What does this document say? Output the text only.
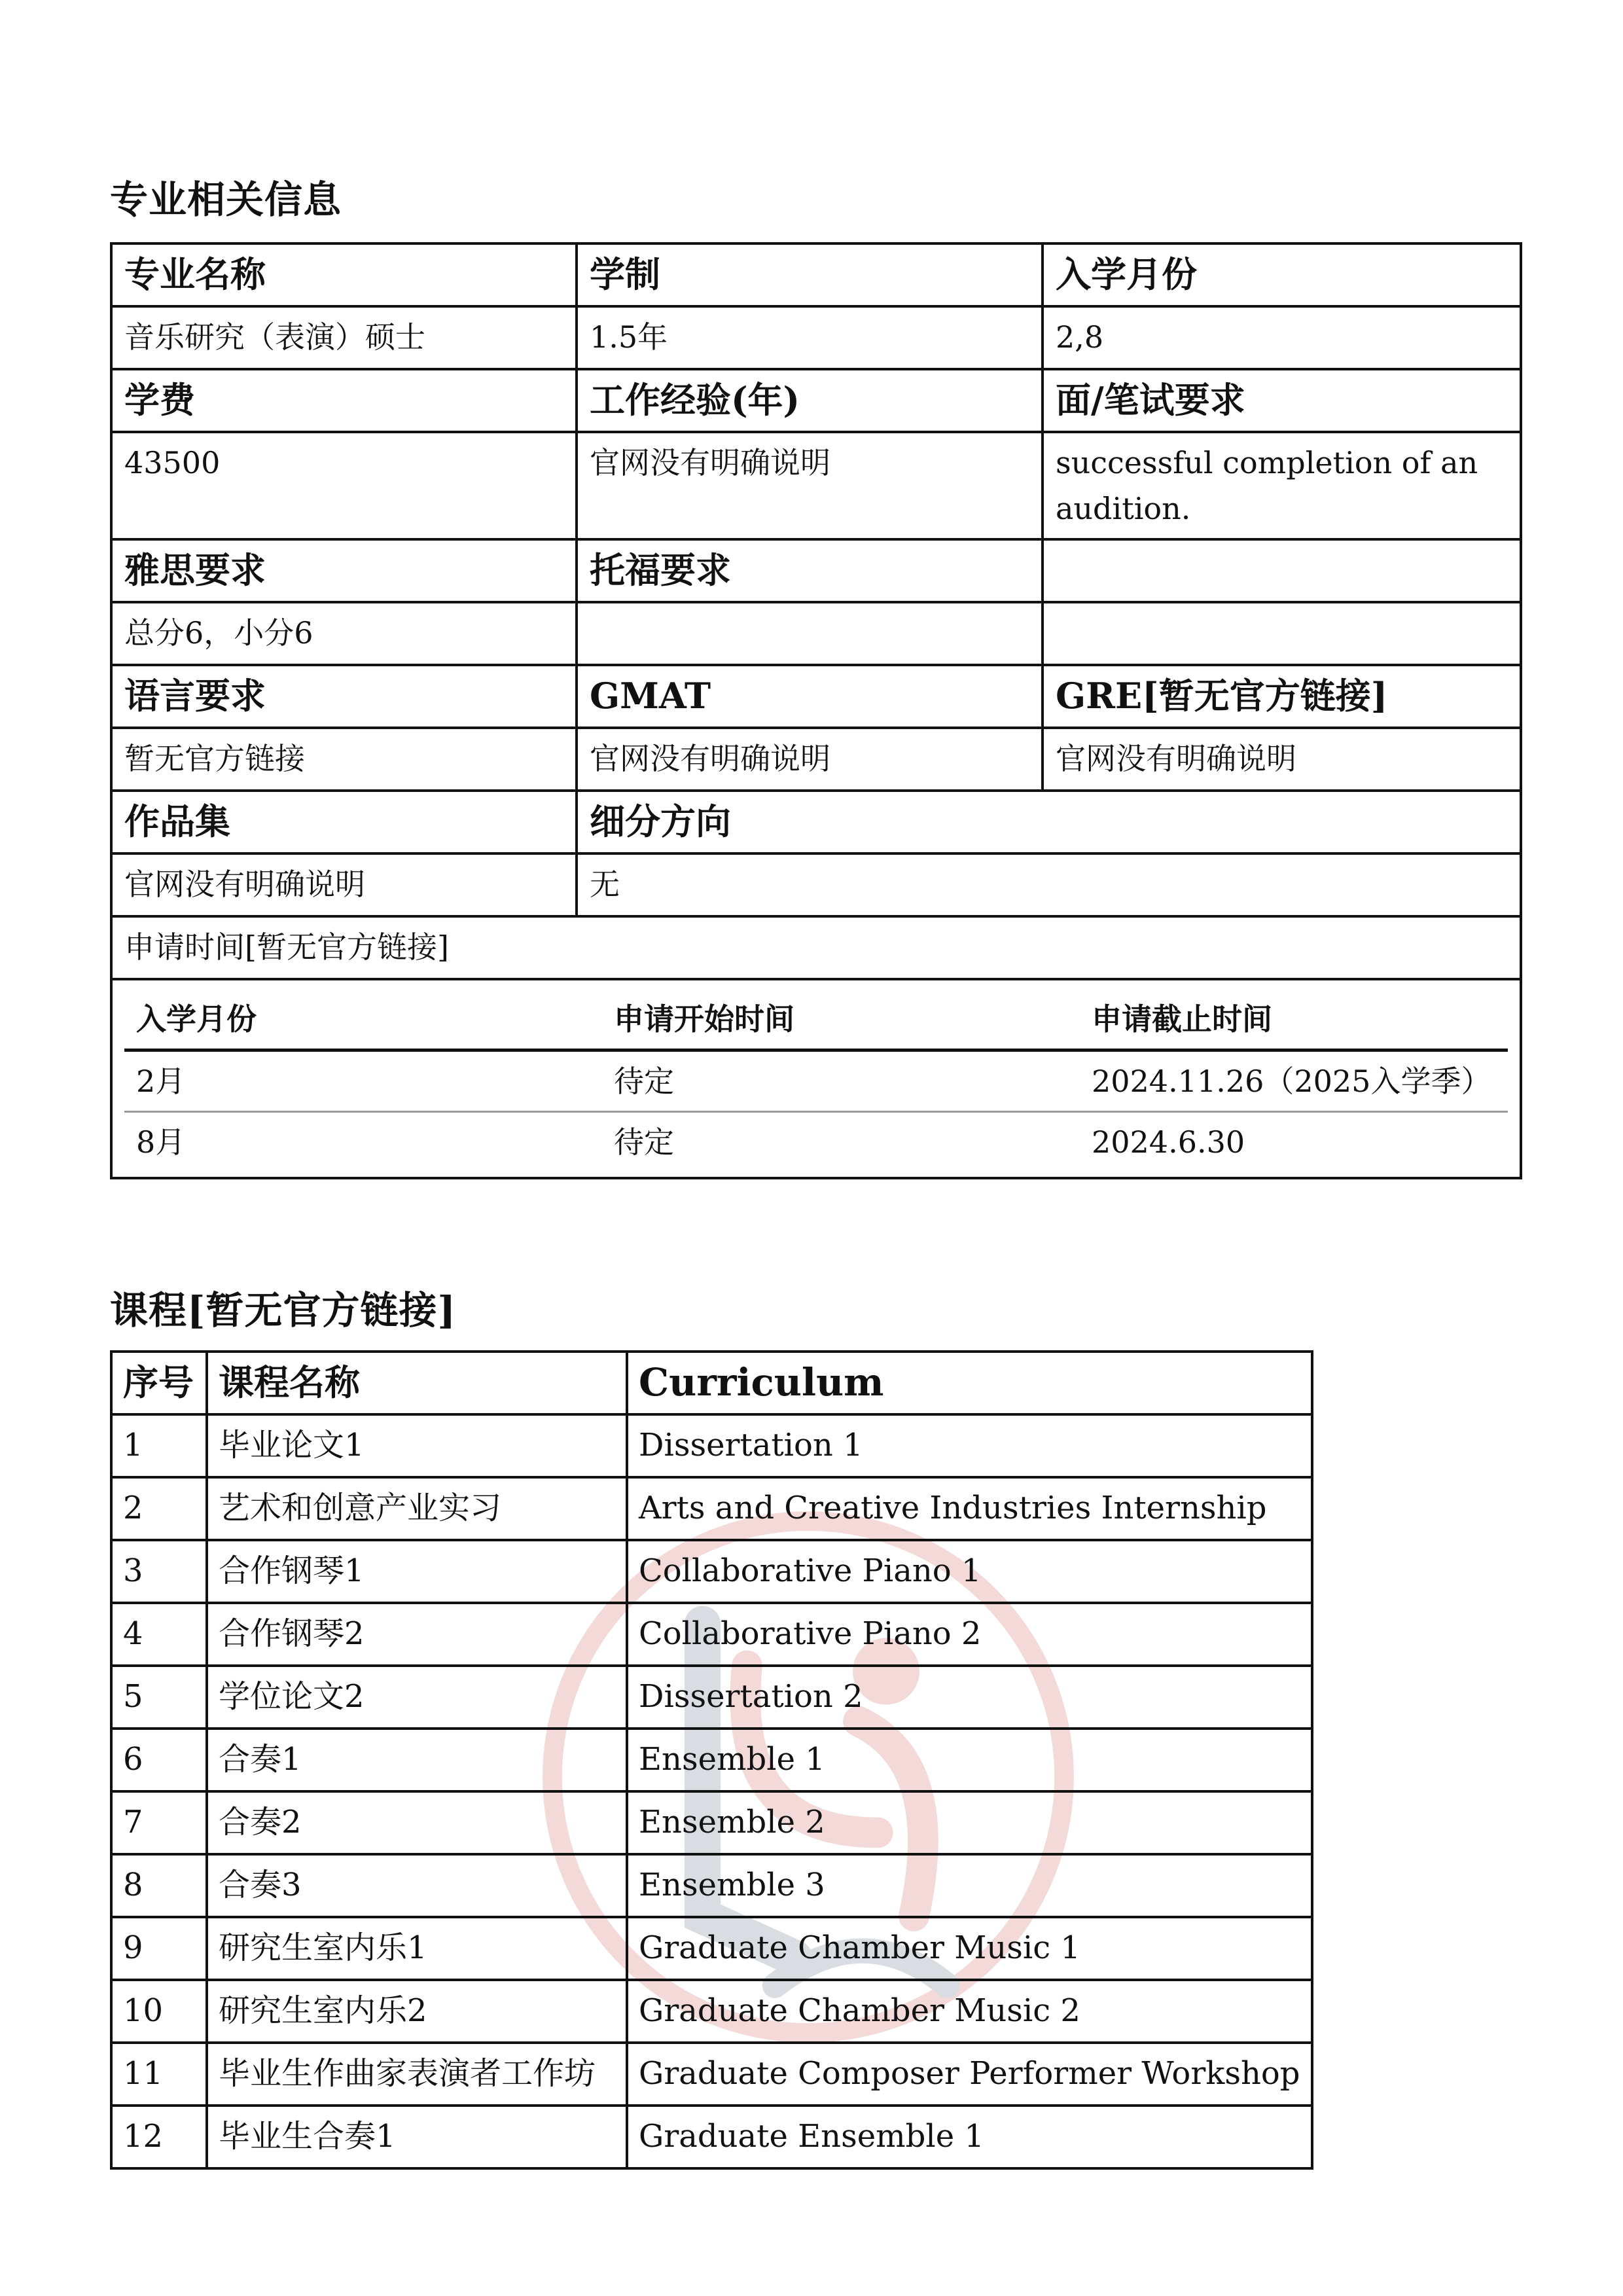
专业相关信息
专业名称	学制	入学月份
音乐研究（表演）硕士	1.5年	2,8
学费	工作经验(年)	面/笔试要求
43500	官网没有明确说明	successful completion of an audition.
雅思要求	托福要求	
总分6，小分6		
语言要求	GMAT	GRE[暂无官方链接]
暂无官方链接	官网没有明确说明	官网没有明确说明
作品集	细分方向
官网没有明确说明	无
申请时间[暂无官方链接]

入学月份	申请开始时间	申请截止时间
2月	待定	2024.11.26（2025入学季）
8月	待定	2024.6.30
课程[暂无官方链接]
序号	课程名称	Curriculum
1	毕业论文1	Dissertation 1
2	艺术和创意产业实习	Arts and Creative Industries Internship
3	合作钢琴1	Collaborative Piano 1
4	合作钢琴2	Collaborative Piano 2
5	学位论文2	Dissertation 2
6	合奏1	Ensemble 1
7	合奏2	Ensemble 2
8	合奏3	Ensemble 3
9	研究生室内乐1	Graduate Chamber Music 1
10	研究生室内乐2	Graduate Chamber Music 2
11	毕业生作曲家表演者工作坊	Graduate Composer Performer Workshop
12	毕业生合奏1	Graduate Ensemble 1
